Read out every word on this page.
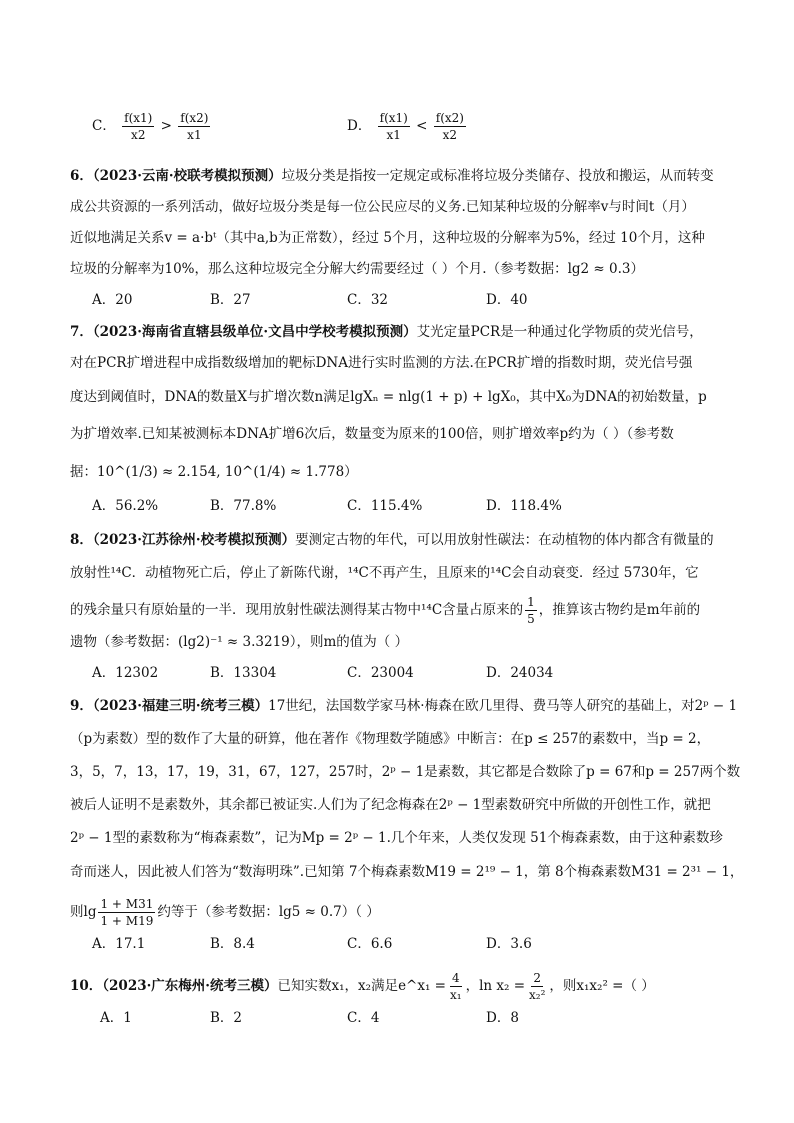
C． $\frac{f(x1)}{x2} > \frac{f(x2)}{x1}$	D． $\frac{f(x1)}{x1} < \frac{f(x2)}{x2}$
6．（2023·云南·校联考模拟预测）垃圾分类是指按一定规定或标准将垃圾分类储存、投放和搬运，从而转变
成公共资源的一系列活动，做好垃圾分类是每一位公民应尽的义务.已知某种垃圾的分解率v与时间t（月）
近似地满足关系v = a·bᵗ（其中a,b为正常数），经过 5个月，这种垃圾的分解率为5%，经过 10个月，这种
垃圾的分解率为10%，那么这种垃圾完全分解大约需要经过（ ）个月.（参考数据：lg2 ≈ 0.3）
A．20	B．27	C．32	D．40
7．（2023·海南省直辖县级单位·文昌中学校考模拟预测）艾光定量PCR是一种通过化学物质的荧光信号，
对在PCR扩增进程中成指数级增加的靶标DNA进行实时监测的方法.在PCR扩增的指数时期，荧光信号强
度达到阈值时，DNA的数量X与扩增次数n满足lgXₙ = nlg(1 + p) + lgX₀，其中X₀为DNA的初始数量，p
为扩增效率.已知某被测标本DNA扩增6次后，数量变为原来的100倍，则扩增效率p约为（ ）（参考数
据：10^(1/3) ≈ 2.154, 10^(1/4) ≈ 1.778）
A．56.2%	B．77.8%	C．115.4%	D．118.4%
8．（2023·江苏徐州·校考模拟预测）要测定古物的年代，可以用放射性碳法：在动植物的体内都含有微量的
放射性¹⁴C．动植物死亡后，停止了新陈代谢，¹⁴C不再产生，且原来的¹⁴C会自动衰变．经过 5730年，它
的残余量只有原始量的一半．现用放射性碳法测得某古物中¹⁴C含量占原来的 $\frac{1}{5}$ ，推算该古物约是m年前的
遗物（参考数据：(lg2)⁻¹ ≈ 3.3219），则m的值为（ ）
A．12302	B．13304	C．23004	D．24034
9．（2023·福建三明·统考三模）17世纪，法国数学家马林·梅森在欧几里得、费马等人研究的基础上，对2ᵖ − 1
（p为素数）型的数作了大量的研算，他在著作《物理数学随感》中断言：在p ≤ 257的素数中，当p = 2，
3，5，7，13，17，19，31，67，127，257时，2ᵖ − 1是素数，其它都是合数除了p = 67和p = 257两个数
被后人证明不是素数外，其余都已被证实.人们为了纪念梅森在2ᵖ − 1型素数研究中所做的开创性工作，就把
2ᵖ − 1型的素数称为“梅森素数”，记为Mp = 2ᵖ − 1.几个年来，人类仅发现 51个梅森素数，由于这种素数珍
奇而迷人，因此被人们答为“数海明珠”.已知第 7个梅森素数M19 = 2¹⁹ − 1，第 8个梅森素数M31 = 2³¹ − 1，
则$\lg \frac{1 + M31}{1 + M19}$ 约等于（参考数据：lg5 ≈ 0.7）（ ）
A．17.1	B．8.4	C．6.6	D．3.6
10．（2023·广东梅州·统考三模）已知实数x₁，x₂满足e^x₁ = $\frac{4}{\text{x₁}}$ ，$\ln x_2 = \frac{2}{\text{x₂²}}$ ，则x₁x₂² =（ ）
A．1	B．2	C．4	D．8
